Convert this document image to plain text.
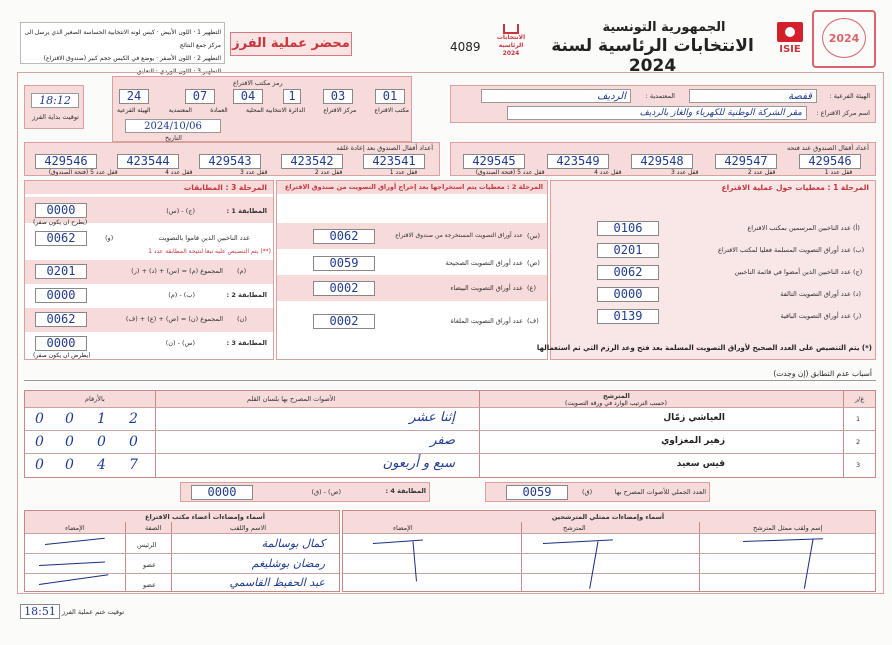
التظهير 1 · اللون الأبيض · كيس لونه الانتخابية الحساسة الصغير الذي يرسل الى مركز جمع النتائج
التظهير 2 · اللون الأصفر · يوضع في الكيس حجم كبير (صندوق الاقتراع)
التظهير 3 · اللون الوردي · التعليق
محضر عملية الفرز	4089
الانتخابات الرئاسية 2024
الجمهورية التونسية
الانتخابات الرئاسية لسنة 2024
ISIE
2024
18:12
توقيت بداية الفرز
رمز مكتب الاقتراع
24	07	04	1	03	01
مكتب الاقتراع
مركز الاقتراع
الدائرة الانتخابية المحلية
العمادة
المعتمدية
الهيئة الفرعية
2024/10/06
التاريخ
الهيئة الفرعية :
قفصة
المعتمدية :
الرديف
اسم مركز الاقتراع :
مقر الشركة الوطنية للكهرباء والغاز بالرديف
أعداد أقفال الصندوق بعد إعادة غلقه
429546	423544	429543	423542	423541
قفل عدد 5 (فتحة الصندوق)	قفل عدد 4	قفل عدد 3	قفل عدد 2	قفل عدد 1
أعداد أقفال الصندوق عند فتحه
429545	423549	429548	429547	429546
قفل عدد 5 (فتحة الصندوق)	قفل عدد 4	قفل عدد 3	قفل عدد 2	قفل عدد 1
المرحلة 3 : المطابقات
0000	(ج) - (س)	المطابقة 1 :
(يطرح ان يكون صفر)
0062	(و)	عدد الناخبين الذين قاموا بالتصويت
(**) يتم التنصيص عليه تبعا لنتيجة المطابقة عدد 1
0201	المجموع (م) = (س) + (د) + (ر) (م)
0000	(ب) - (م)	المطابقة 2 :
0062	المجموع (ن) = (ص) + (ع) + (ف) (ن)
0000	(س) - (ن)	المطابقة 3 :
(يطرض ان يكون صفر)
المرحلة 2 : معطيات يتم استخراجها بعد إخراج أوراق التصويت من صندوق الاقتراع
0062	عدد أوراق التصويت المستخرجة من صندوق الاقتراع (س)
0059	عدد أوراق التصويت الصحيحة (ص)
0002	عدد أوراق التصويت البيضاء (ع)
0002	عدد أوراق التصويت الملغاة (ف)
المرحلة 1 : معطيات حول عملية الاقتراع
0106	عدد الناخبين المرسمين بمكتب الاقتراع (أ)
0201	عدد أوراق التصويت المسلمة فعليا لمكتب الاقتراع (ب)
0062	عدد الناخبين الذين أمضوا في قائمة الناخبين (ج)
0000	عدد أوراق التصويت التالفة (د)
0139	عدد أوراق التصويت الباقية (ر)
(*) يتم التنصيص على العدد الصحيح لأوراق التصويت المسلمة بعد فتح وعد الرزم التي تم استعمالها
أسباب عدم التطابق (إن وجدت)
بالأرقام	الأصوات المصرح بها بلسان القلم	المترشح
(حسب الترتيب الوارد في ورقة التصويت)
ع/ر
1
العياشي زمّال
إثنا عشر
0 0 1 2
2
زهير المغزاوي
صفر
0 0 0 0
3
قيس سعيد
سبع و أربعون
0 0 4 7
0059	(ق)	العدد الجملي للأصوات المصرح بها
0000	(ص) - (ق)	المطابقة 4 :
أسماء وإمضاءات ممثلي المترشحين
الإمضاء	المترشح	إسم ولقب ممثل المترشح
أسماء وإمضاءات أعضاء مكتب الاقتراع
الإمضاء	الصفة	الاسم واللقب
الرئيس	كمال بوسالمة
عضو	رمضان بوشليغم
عضو	عبد الحفيظ القاسمي
18:51 توقيت ختم عملية الفرز
